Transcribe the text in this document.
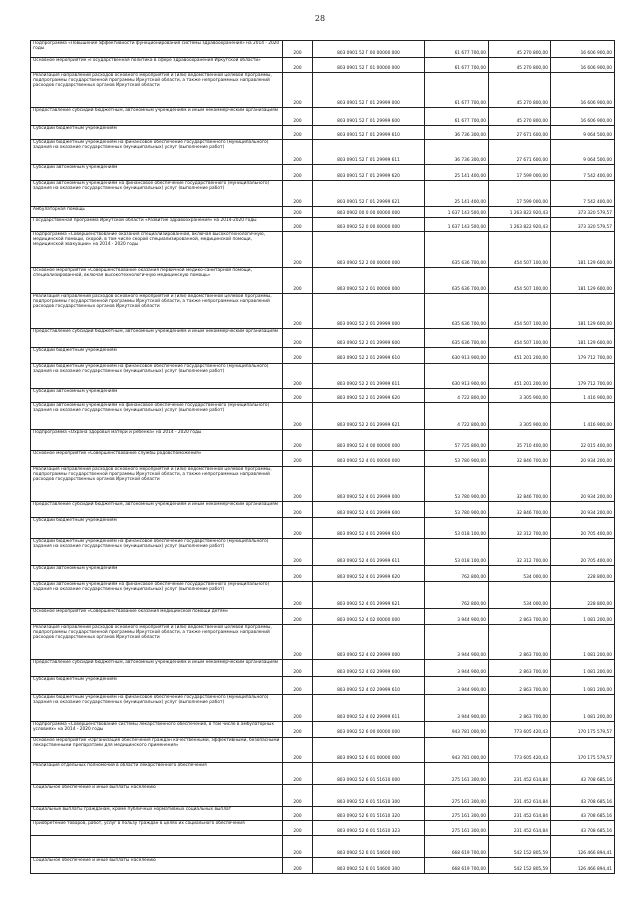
28
Подпрограмма «Повышение эффективности функционирования системы здравоохранения» на 2014 - 2020 годы	200	803 0901 52 Г 00 00000 000	61 677 700,00	45 270 800,00	16 606 900,00
Основное мероприятие «Государственная политика в сфере здравоохранения Иркутской области»	200	803 0901 52 Г 01 00000 000	61 677 700,00	45 270 800,00	16 606 900,00
Реализация направлений расходов основного мероприятия и (или) ведомственной целевой программы, подпрограммы государственной программы Иркутской области, а также непрограммных направлений расходов государственных органов Иркутской области	200	803 0901 52 Г 01 29999 000	61 677 700,00	45 270 800,00	16 606 900,00
Предоставление субсидий бюджетным, автономным учреждениям и иным некоммерческим организациям	200	803 0901 52 Г 01 29999 600	61 677 700,00	45 270 800,00	16 606 900,00
Субсидии бюджетным учреждениям	200	803 0901 52 Г 01 29999 610	36 736 300,00	27 671 600,00	9 064 500,00
Субсидии бюджетным учреждениям на финансовое обеспечение государственного (муниципального) задания на оказание государственных (муниципальных) услуг (выполнение работ)	200	803 0901 52 Г 01 29999 611	36 736 300,00	27 671 600,00	9 064 500,00
Субсидии автономным учреждениям	200	803 0901 52 Г 01 29999 620	25 141 400,00	17 599 000,00	7 542 400,00
Субсидии автономным учреждениям на финансовое обеспечение государственного (муниципального) задания на оказание государственных (муниципальных) услуг (выполнение работ)	200	803 0901 52 Г 01 29999 621	25 141 400,00	17 599 000,00	7 542 400,00
Амбулаторная помощь	200	803 0902 00 0 00 00000 000	1 637 143 500,00	1 263 822 920,43	373 320 579,57
Государственная программа Иркутской области «Развитие здравоохранения» на 2014-2020 годы	200	803 0902 52 0 00 00000 000	1 637 143 500,00	1 263 822 920,43	373 320 579,57
Подпрограмма «Совершенствование оказания специализированной, включая высокотехнологичную, медицинской помощи, скорой, в том числе скорой специализированной, медицинской помощи, медицинской эвакуации» на 2014 - 2020 годы	200	803 0902 52 2 00 00000 000	635 636 700,00	454 507 100,00	181 129 600,00
Основное мероприятие «Совершенствование оказания первичной медико-санитарной помощи, специализированной, включая высокотехнологичную медицинскую помощь»	200	803 0902 52 2 01 00000 000	635 636 700,00	454 507 100,00	181 129 600,00
Реализация направлений расходов основного мероприятия и (или) ведомственной целевой программы, подпрограммы государственной программы Иркутской области, а также непрограммных направлений расходов государственных органов Иркутской области	200	803 0902 52 2 01 29999 000	635 636 700,00	454 507 100,00	181 129 600,00
Предоставление субсидий бюджетным, автономным учреждениям и иным некоммерческим организациям	200	803 0902 52 2 01 29999 600	635 636 700,00	454 507 100,00	181 129 600,00
Субсидии бюджетным учреждениям	200	803 0902 52 2 01 29999 610	630 913 900,00	451 201 200,00	179 712 700,00
Субсидии бюджетным учреждениям на финансовое обеспечение государственного (муниципального) задания на оказание государственных (муниципальных) услуг (выполнение работ)	200	803 0902 52 2 01 29999 611	630 913 900,00	451 201 200,00	179 712 700,00
Субсидии автономным учреждениям	200	803 0902 52 2 01 29999 620	4 722 800,00	3 305 900,00	1 416 900,00
Субсидии автономным учреждениям на финансовое обеспечение государственного (муниципального) задания на оказание государственных (муниципальных) услуг (выполнение работ)	200	803 0902 52 2 01 29999 621	4 722 800,00	3 305 900,00	1 416 900,00
Подпрограмма «Охрана здоровья матери и ребенка» на 2014 - 2020 годы	200	803 0902 52 4 00 00000 000	57 725 800,00	35 710 400,00	22 015 400,00
Основное мероприятие «Совершенствование службы родовспоможения»	200	803 0902 52 4 01 00000 000	53 780 900,00	32 846 700,00	20 934 200,00
Реализация направлений расходов основного мероприятия и (или) ведомственной целевой программы, подпрограммы государственной программы Иркутской области, а также непрограммных направлений расходов государственных органов Иркутской области	200	803 0902 52 4 01 29999 000	53 780 900,00	32 846 700,00	20 934 200,00
Предоставление субсидий бюджетным, автономным учреждениям и иным некоммерческим организациям	200	803 0902 52 4 01 29999 600	53 780 900,00	32 846 700,00	20 934 200,00
Субсидии бюджетным учреждениям	200	803 0902 52 4 01 29999 610	53 018 100,00	32 312 700,00	20 705 400,00
Субсидии бюджетным учреждениям на финансовое обеспечение государственного (муниципального) задания на оказание государственных (муниципальных) услуг (выполнение работ)	200	803 0902 52 4 01 29999 611	53 018 100,00	32 312 700,00	20 705 400,00
Субсидии автономным учреждениям	200	803 0902 52 4 01 29999 620	762 800,00	534 000,00	228 800,00
Субсидии автономным учреждениям на финансовое обеспечение государственного (муниципального) задания на оказание государственных (муниципальных) услуг (выполнение работ)	200	803 0902 52 4 01 29999 621	762 800,00	534 000,00	228 800,00
Основное мероприятие «Совершенствование оказания медицинской помощи детям»	200	803 0902 52 4 02 00000 000	3 944 900,00	2 863 700,00	1 081 200,00
Реализация направлений расходов основного мероприятия и (или) ведомственной целевой программы, подпрограммы государственной программы Иркутской области, а также непрограммных направлений расходов государственных органов Иркутской области	200	803 0902 52 4 02 29999 000	3 944 900,00	2 863 700,00	1 081 200,00
Предоставление субсидий бюджетным, автономным учреждениям и иным некоммерческим организациям	200	803 0902 52 4 02 29999 600	3 944 900,00	2 863 700,00	1 081 200,00
Субсидии бюджетным учреждениям	200	803 0902 52 4 02 29999 610	3 944 900,00	2 863 700,00	1 081 200,00
Субсидии бюджетным учреждениям на финансовое обеспечение государственного (муниципального) задания на оказание государственных (муниципальных) услуг (выполнение работ)	200	803 0902 52 4 02 29999 611	3 944 900,00	2 863 700,00	1 081 200,00
Подпрограмма «Совершенствование системы лекарственного обеспечения, в том числе в амбулаторных условиях» на 2014 - 2020 годы	200	803 0902 52 6 00 00000 000	943 781 000,00	773 605 420,43	170 175 579,57
Основное мероприятие «Организация обеспечения граждан качественными, эффективными, безопасными лекарственными препаратами для медицинского применения»	200	803 0902 52 6 01 00000 000	943 781 000,00	773 605 420,43	170 175 579,57
Реализация отдельных полномочий в области лекарственного обеспечения	200	803 0902 52 6 01 51610 000	275 161 300,00	231 452 614,84	43 708 685,16
Социальное обеспечение и иные выплаты населению	200	803 0902 52 6 01 51610 300	275 161 300,00	231 452 614,84	43 708 685,16
Социальные выплаты гражданам, кроме публичных нормативных социальных выплат	200	803 0902 52 6 01 51610 320	275 161 300,00	231 452 614,84	43 708 685,16
Приобретение товаров, работ, услуг в пользу граждан в целях их социального обеспечения	200	803 0902 52 6 01 51610 323	275 161 300,00	231 452 614,84	43 708 685,16
	200	803 0902 52 6 01 54600 000	668 619 700,00	542 152 805,59	126 466 894,41
Социальное обеспечение и иные выплаты населению	200	803 0902 52 6 01 54600 300	668 619 700,00	542 152 805,59	126 466 894,41
